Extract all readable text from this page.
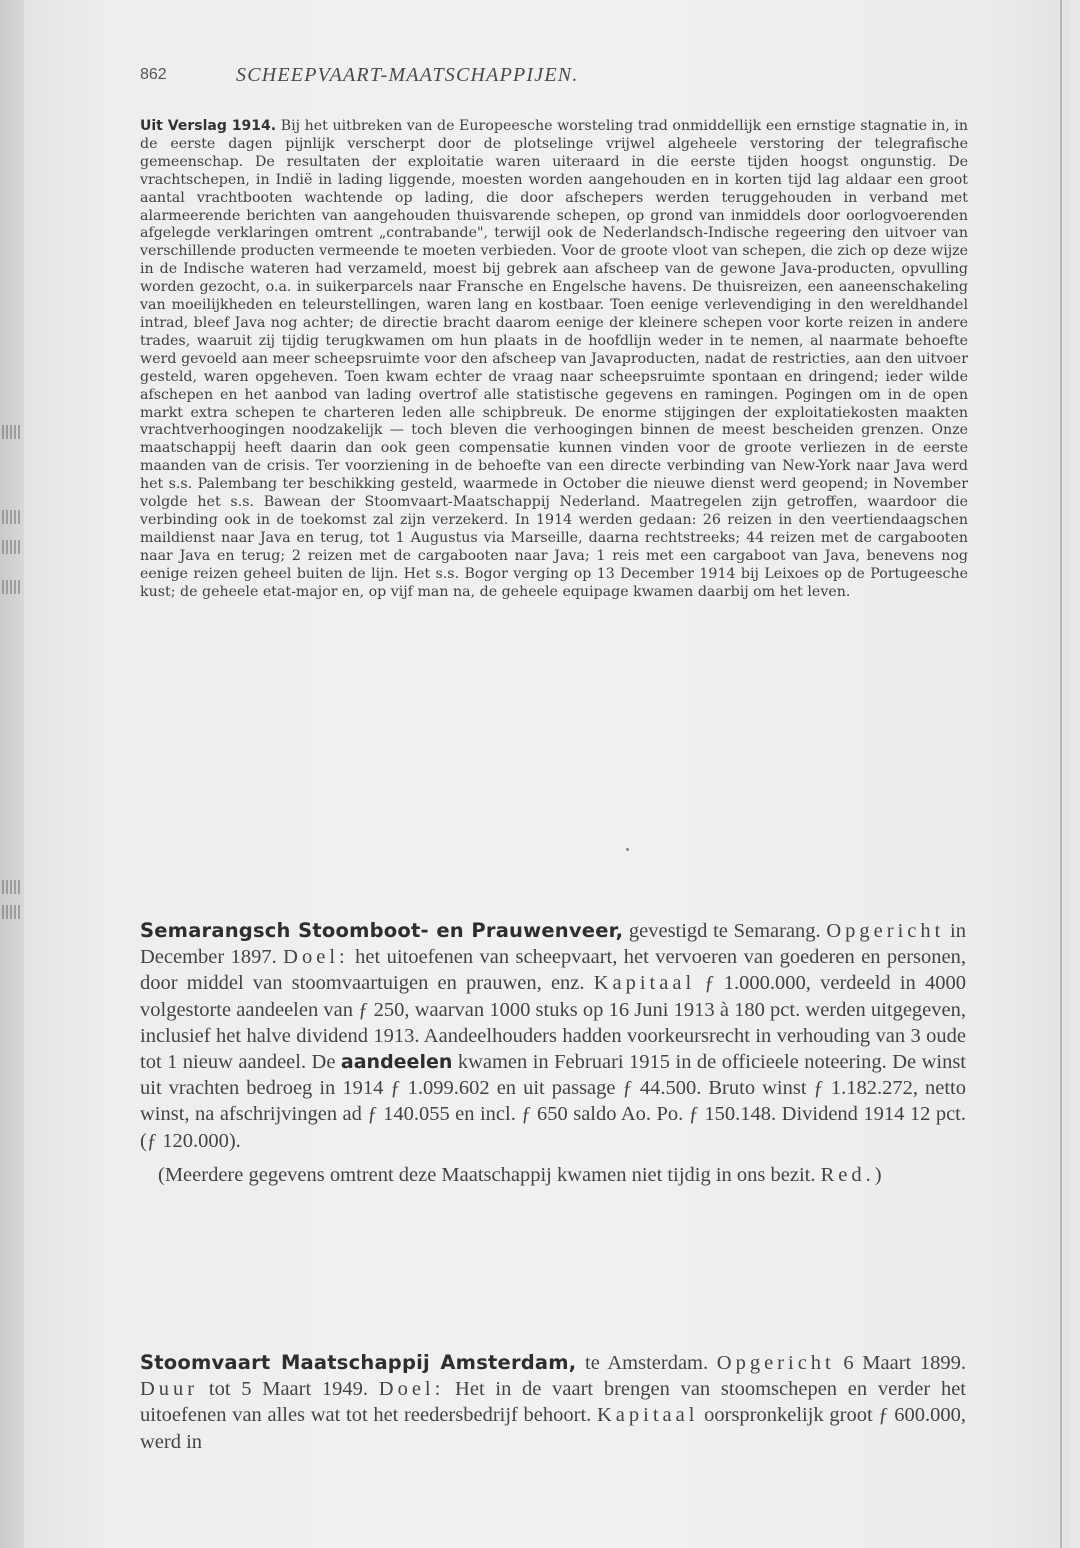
862	SCHEEPVAART-MAATSCHAPPIJEN.
Uit Verslag 1914. Bij het uitbreken van de Europeesche worsteling trad onmiddellijk een ernstige stagnatie in, in de eerste dagen pijnlijk verscherpt door de plotselinge vrijwel algeheele verstoring der telegrafische gemeenschap. De resultaten der exploitatie waren uiteraard in die eerste tijden hoogst ongunstig. De vrachtschepen, in Indië in lading liggende, moesten worden aangehouden en in korten tijd lag aldaar een groot aantal vrachtbooten wachtende op lading, die door afschepers werden teruggehouden in verband met alarmeerende berichten van aangehouden thuisvarende schepen, op grond van inmiddels door oorlogvoerenden afgelegde verklaringen omtrent „contrabande", terwijl ook de Nederlandsch-Indische regeering den uitvoer van verschillende producten vermeende te moeten verbieden. Voor de groote vloot van schepen, die zich op deze wijze in de Indische wateren had verzameld, moest bij gebrek aan afscheep van de gewone Java-producten, opvulling worden gezocht, o.a. in suikerparcels naar Fransche en Engelsche havens. De thuisreizen, een aaneenschakeling van moeilijkheden en teleurstellingen, waren lang en kostbaar. Toen eenige verlevendiging in den wereldhandel intrad, bleef Java nog achter; de directie bracht daarom eenige der kleinere schepen voor korte reizen in andere trades, waaruit zij tijdig terugkwamen om hun plaats in de hoofdlijn weder in te nemen, al naarmate behoefte werd gevoeld aan meer scheepsruimte voor den afscheep van Javaproducten, nadat de restricties, aan den uitvoer gesteld, waren opgeheven. Toen kwam echter de vraag naar scheepsruimte spontaan en dringend; ieder wilde afschepen en het aanbod van lading overtrof alle statistische gegevens en ramingen. Pogingen om in de open markt extra schepen te charteren leden alle schipbreuk. De enorme stijgingen der exploitatiekosten maakten vrachtverhoogingen noodzakelijk — toch bleven die verhoogingen binnen de meest bescheiden grenzen. Onze maatschappij heeft daarin dan ook geen compensatie kunnen vinden voor de groote verliezen in de eerste maanden van de crisis. Ter voorziening in de behoefte van een directe verbinding van New-York naar Java werd het s.s. Palembang ter beschikking gesteld, waarmede in October die nieuwe dienst werd geopend; in November volgde het s.s. Bawean der Stoomvaart-Maatschappij Nederland. Maatregelen zijn getroffen, waardoor die verbinding ook in de toekomst zal zijn verzekerd. In 1914 werden gedaan: 26 reizen in den veertiendaagschen maildienst naar Java en terug, tot 1 Augustus via Marseille, daarna rechtstreeks; 44 reizen met de cargabooten naar Java en terug; 2 reizen met de cargabooten naar Java; 1 reis met een cargaboot van Java, benevens nog eenige reizen geheel buiten de lijn. Het s.s. Bogor verging op 13 December 1914 bij Leixoes op de Portugeesche kust; de geheele etat-major en, op vijf man na, de geheele equipage kwamen daarbij om het leven.
Semarangsch Stoomboot- en Prauwenveer, gevestigd te Semarang. Opgericht in December 1897. Doel: het uitoefenen van scheepvaart, het vervoeren van goederen en personen, door middel van stoomvaartuigen en prauwen, enz. Kapitaal ƒ 1.000.000, verdeeld in 4000 volgestorte aandeelen van ƒ 250, waarvan 1000 stuks op 16 Juni 1913 à 180 pct. werden uitgegeven, inclusief het halve dividend 1913. Aandeelhouders hadden voorkeursrecht in verhouding van 3 oude tot 1 nieuw aandeel. De aandeelen kwamen in Februari 1915 in de officieele noteering. De winst uit vrachten bedroeg in 1914 ƒ 1.099.602 en uit passage ƒ 44.500. Bruto winst ƒ 1.182.272, netto winst, na afschrijvingen ad ƒ 140.055 en incl. ƒ 650 saldo Ao. Po. ƒ 150.148. Dividend 1914 12 pct. (ƒ 120.000).
(Meerdere gegevens omtrent deze Maatschappij kwamen niet tijdig in ons bezit. Red.)
Stoomvaart Maatschappij Amsterdam, te Amsterdam. Opgericht 6 Maart 1899. Duur tot 5 Maart 1949. Doel: Het in de vaart brengen van stoomschepen en verder het uitoefenen van alles wat tot het reedersbedrijf behoort. Kapitaal oorspronkelijk groot ƒ 600.000, werd in
